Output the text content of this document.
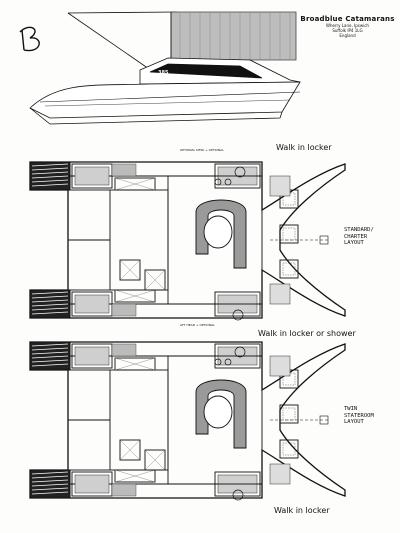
385
Broadblue Catamarans
Wherry Lane, Ipswich
Suffolk IP4 1LG
England
Walk in locker
Walk in locker or shower
Walk in locker
STANDARD/
CHARTER
LAYOUT
TWIN
STATEROOM
LAYOUT
OPTIONAL DESK + OPTIONAL
AFT HEAD + OPTIONAL
